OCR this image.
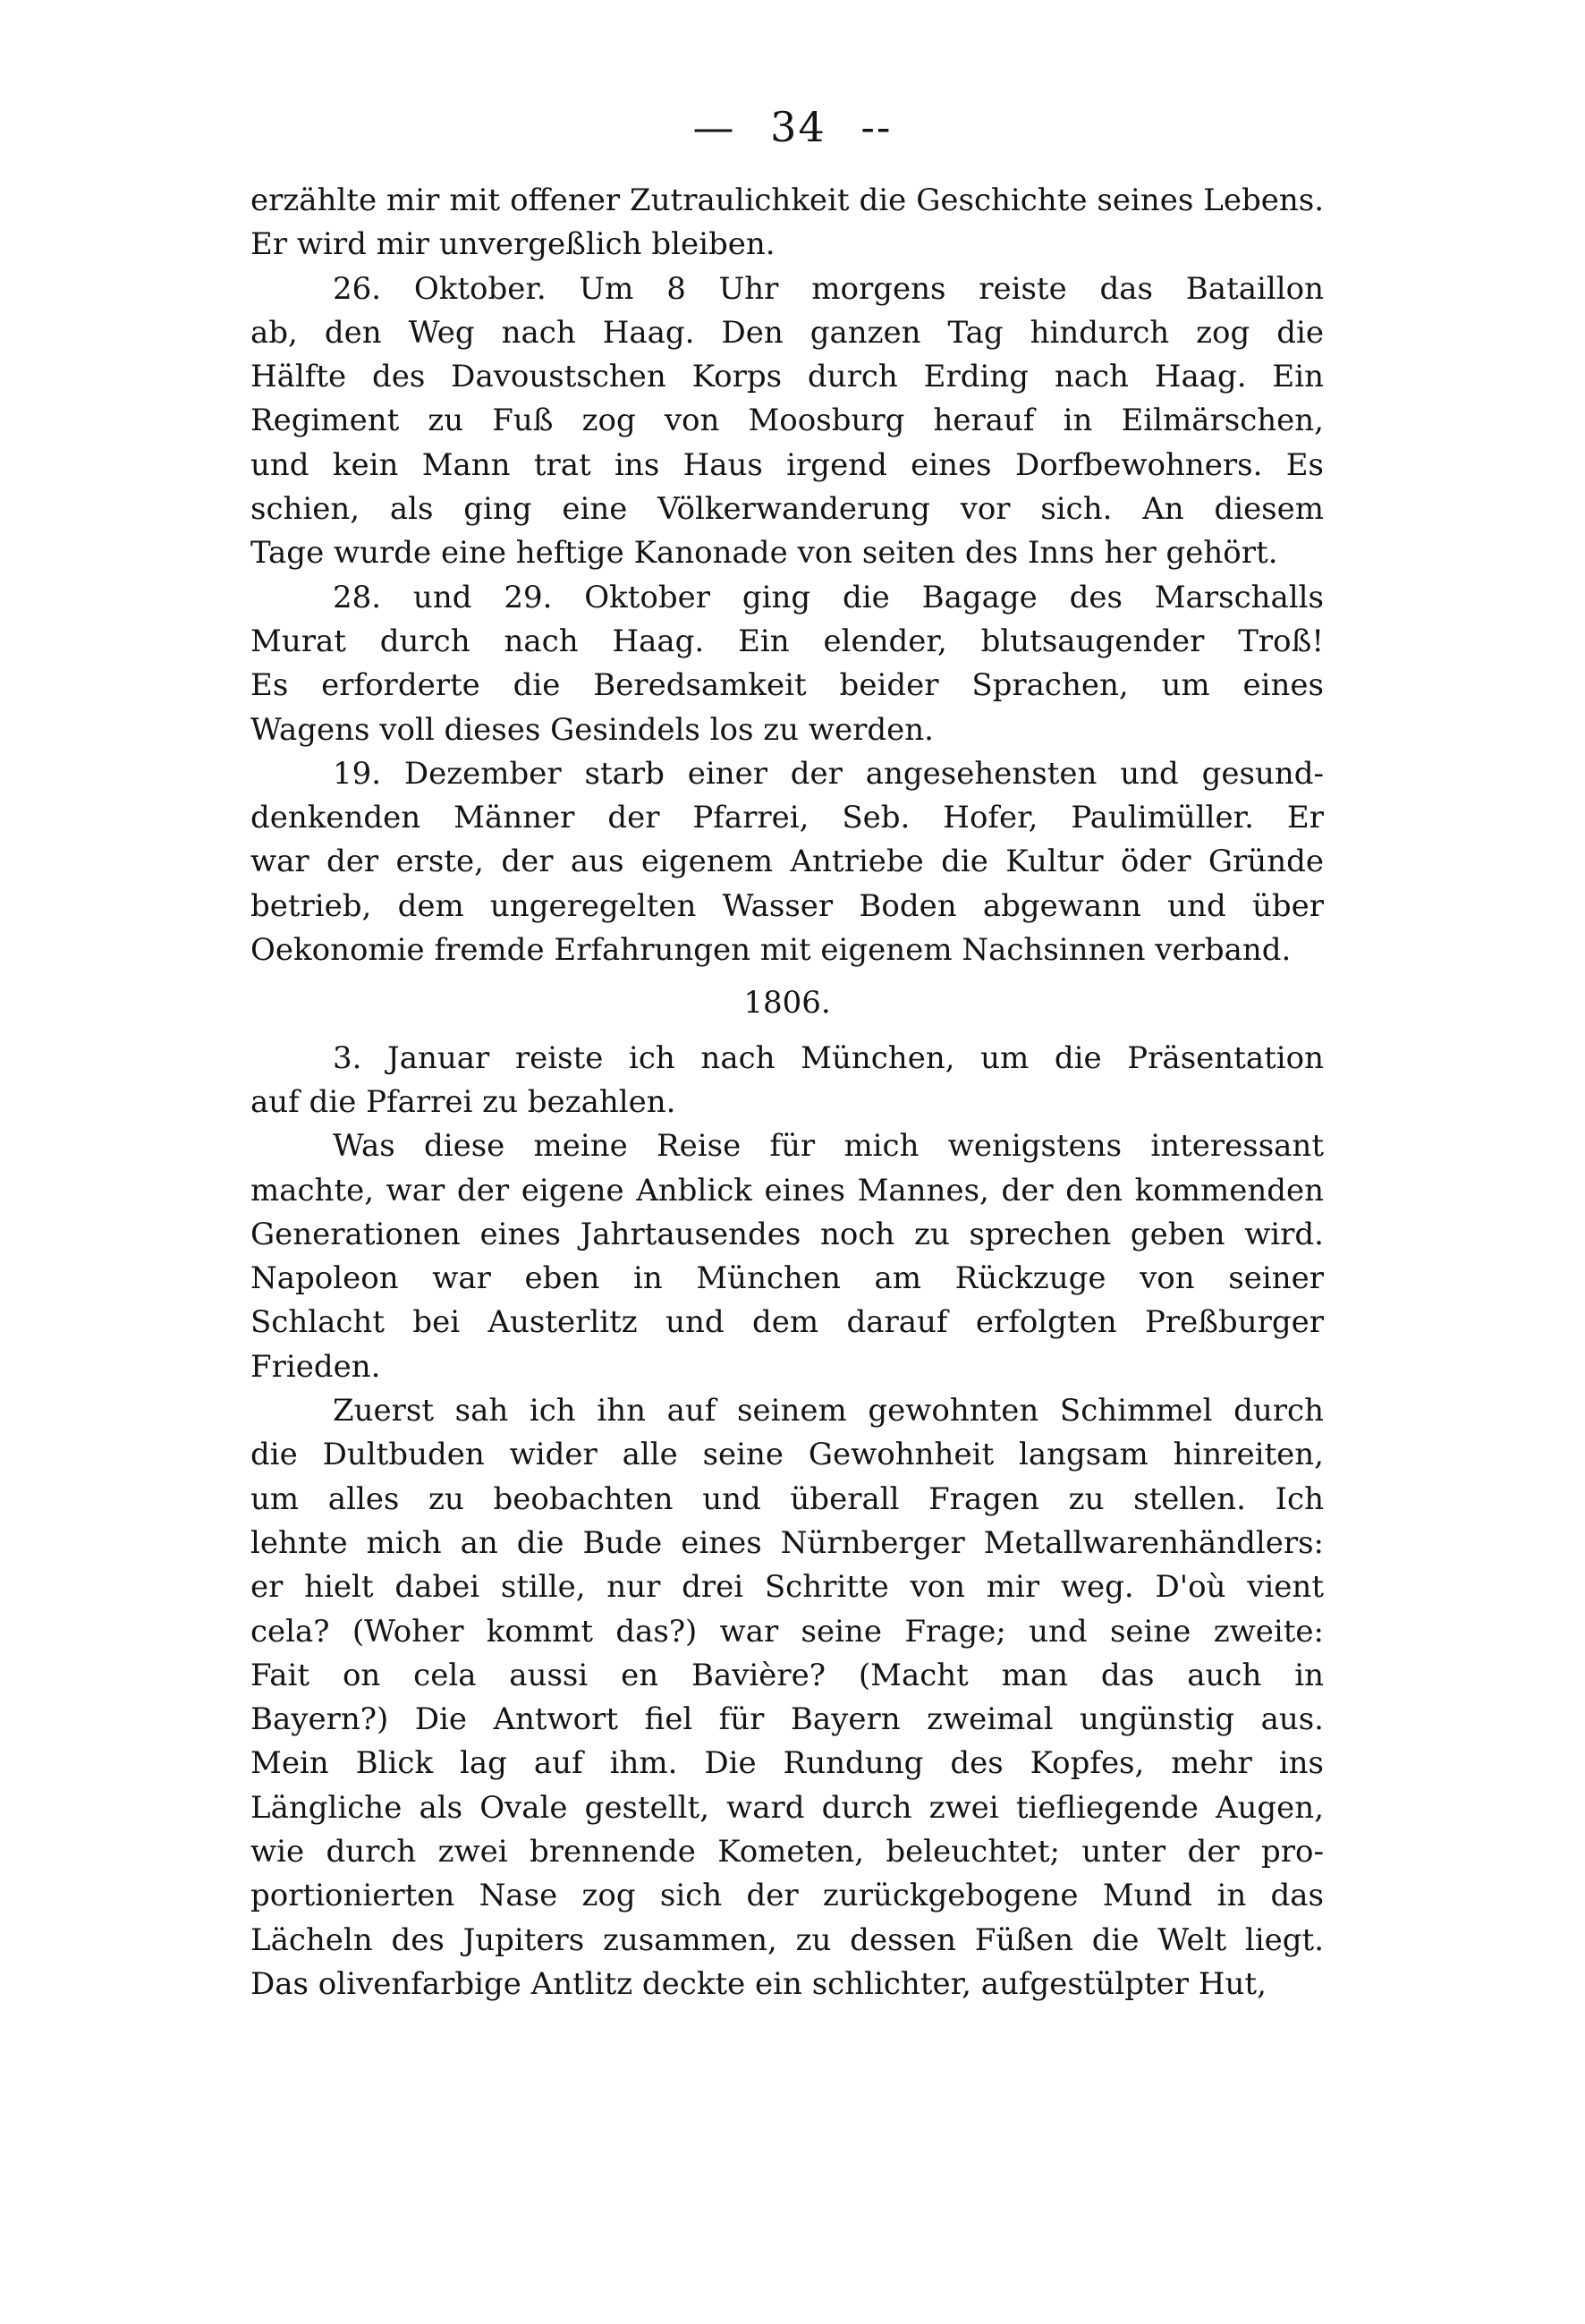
— 34 --
erzählte mir mit offener Zutraulichkeit die Geschichte seines Lebens.
Er wird mir unvergeßlich bleiben.
26. Oktober. Um 8 Uhr morgens reiste das Bataillon
ab, den Weg nach Haag. Den ganzen Tag hindurch zog die
Hälfte des Davoustschen Korps durch Erding nach Haag. Ein
Regiment zu Fuß zog von Moosburg herauf in Eilmärschen,
und kein Mann trat ins Haus irgend eines Dorfbewohners. Es
schien, als ging eine Völkerwanderung vor sich. An diesem
Tage wurde eine heftige Kanonade von seiten des Inns her gehört.
28. und 29. Oktober ging die Bagage des Marschalls
Murat durch nach Haag. Ein elender, blutsaugender Troß!
Es erforderte die Beredsamkeit beider Sprachen, um eines
Wagens voll dieses Gesindels los zu werden.
19. Dezember starb einer der angesehensten und gesund-
denkenden Männer der Pfarrei, Seb. Hofer, Paulimüller. Er
war der erste, der aus eigenem Antriebe die Kultur öder Gründe
betrieb, dem ungeregelten Wasser Boden abgewann und über
Oekonomie fremde Erfahrungen mit eigenem Nachsinnen verband.
1806.
3. Januar reiste ich nach München, um die Präsentation
auf die Pfarrei zu bezahlen.
Was diese meine Reise für mich wenigstens interessant
machte, war der eigene Anblick eines Mannes, der den kommenden
Generationen eines Jahrtausendes noch zu sprechen geben wird.
Napoleon war eben in München am Rückzuge von seiner
Schlacht bei Austerlitz und dem darauf erfolgten Preßburger
Frieden.
Zuerst sah ich ihn auf seinem gewohnten Schimmel durch
die Dultbuden wider alle seine Gewohnheit langsam hinreiten,
um alles zu beobachten und überall Fragen zu stellen. Ich
lehnte mich an die Bude eines Nürnberger Metallwarenhändlers:
er hielt dabei stille, nur drei Schritte von mir weg. D'où vient
cela? (Woher kommt das?) war seine Frage; und seine zweite:
Fait on cela aussi en Bavière? (Macht man das auch in
Bayern?) Die Antwort fiel für Bayern zweimal ungünstig aus.
Mein Blick lag auf ihm. Die Rundung des Kopfes, mehr ins
Längliche als Ovale gestellt, ward durch zwei tiefliegende Augen,
wie durch zwei brennende Kometen, beleuchtet; unter der pro-
portionierten Nase zog sich der zurückgebogene Mund in das
Lächeln des Jupiters zusammen, zu dessen Füßen die Welt liegt.
Das olivenfarbige Antlitz deckte ein schlichter, aufgestülpter Hut,
